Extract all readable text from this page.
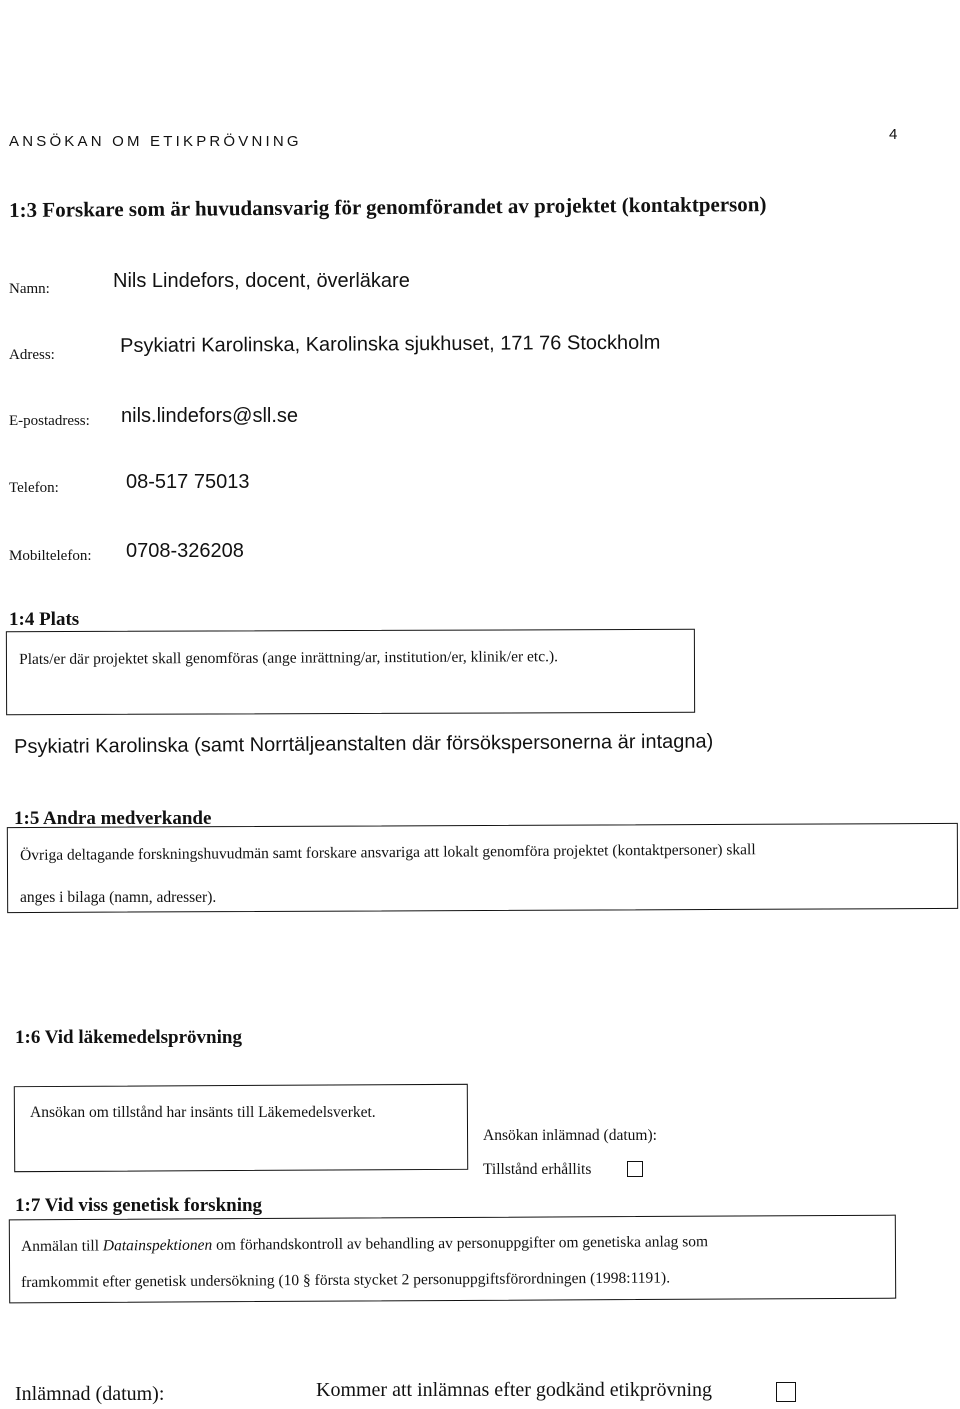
ANSÖKAN OM ETIKPRÖVNING	4
1:3 Forskare som är huvudansvarig för genomförandet av projektet (kontaktperson)
Namn:	Nils Lindefors, docent, överläkare
Adress:	Psykiatri Karolinska, Karolinska sjukhuset, 171 76 Stockholm
E-postadress: nils.lindefors@sll.se
Telefon:	08-517 75013
Mobiltelefon: 0708-326208
1:4 Plats
Plats/er där projektet skall genomföras (ange inrättning/ar, institution/er, klinik/er etc.).
Psykiatri Karolinska (samt Norrtäljeanstalten där försökspersonerna är intagna)
1:5 Andra medverkande
Övriga deltagande forskningshuvudmän samt forskare ansvariga att lokalt genomföra projektet (kontaktpersoner) skall
anges i bilaga (namn, adresser).
1:6 Vid läkemedelsprövning
Ansökan om tillstånd har insänts till Läkemedelsverket.
Ansökan inlämnad (datum):
Tillstånd erhållits
1:7 Vid viss genetisk forskning
Anmälan till Datainspektionen om förhandskontroll av behandling av personuppgifter om genetiska anlag som
framkommit efter genetisk undersökning (10 § första stycket 2 personuppgiftsförordningen (1998:1191).
Inlämnad (datum):	Kommer att inlämnas efter godkänd etikprövning
